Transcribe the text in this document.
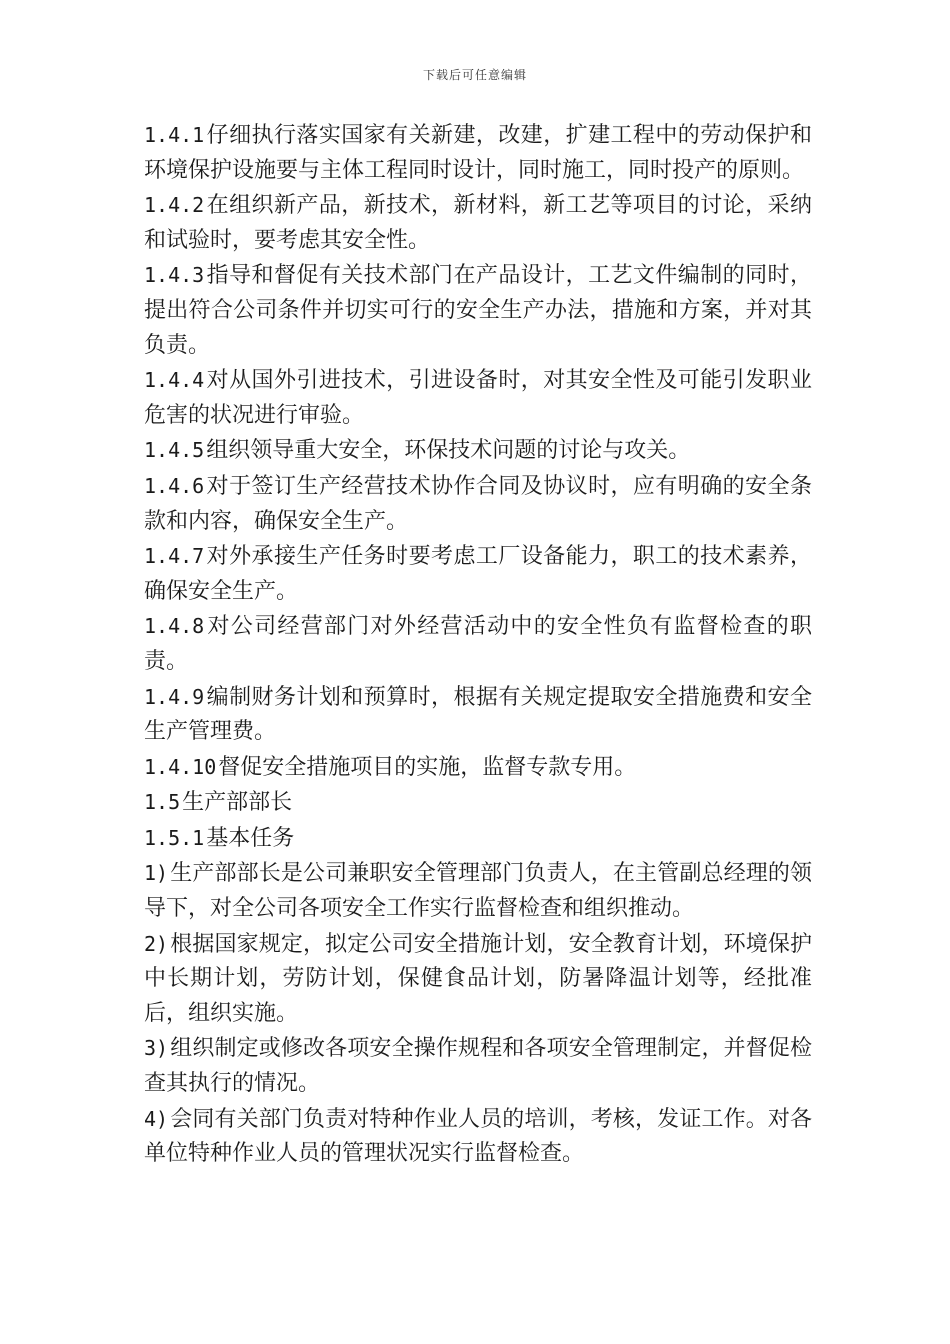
下载后可任意编辑

1.4.1仔细执行落实国家有关新建，改建，扩建工程中的劳动保护和环境保护设施要与主体工程同时设计，同时施工，同时投产的原则。

1.4.2在组织新产品，新技术，新材料，新工艺等项目的讨论，采纳和试验时，要考虑其安全性。

1.4.3指导和督促有关技术部门在产品设计，工艺文件编制的同时，提出符合公司条件并切实可行的安全生产办法，措施和方案，并对其负责。

1.4.4对从国外引进技术，引进设备时，对其安全性及可能引发职业危害的状况进行审验。

1.4.5组织领导重大安全，环保技术问题的讨论与攻关。

1.4.6对于签订生产经营技术协作合同及协议时，应有明确的安全条款和内容，确保安全生产。

1.4.7对外承接生产任务时要考虑工厂设备能力，职工的技术素养，确保安全生产。

1.4.8对公司经营部门对外经营活动中的安全性负有监督检查的职责。

1.4.9编制财务计划和预算时，根据有关规定提取安全措施费和安全生产管理费。

1.4.10督促安全措施项目的实施，监督专款专用。

1.5生产部部长

1.5.1基本任务

1)生产部部长是公司兼职安全管理部门负责人，在主管副总经理的领导下，对全公司各项安全工作实行监督检查和组织推动。

2)根据国家规定，拟定公司安全措施计划，安全教育计划，环境保护中长期计划，劳防计划，保健食品计划，防暑降温计划等，经批准后，组织实施。

3)组织制定或修改各项安全操作规程和各项安全管理制定，并督促检查其执行的情况。

4)会同有关部门负责对特种作业人员的培训，考核，发证工作。对各单位特种作业人员的管理状况实行监督检查。
